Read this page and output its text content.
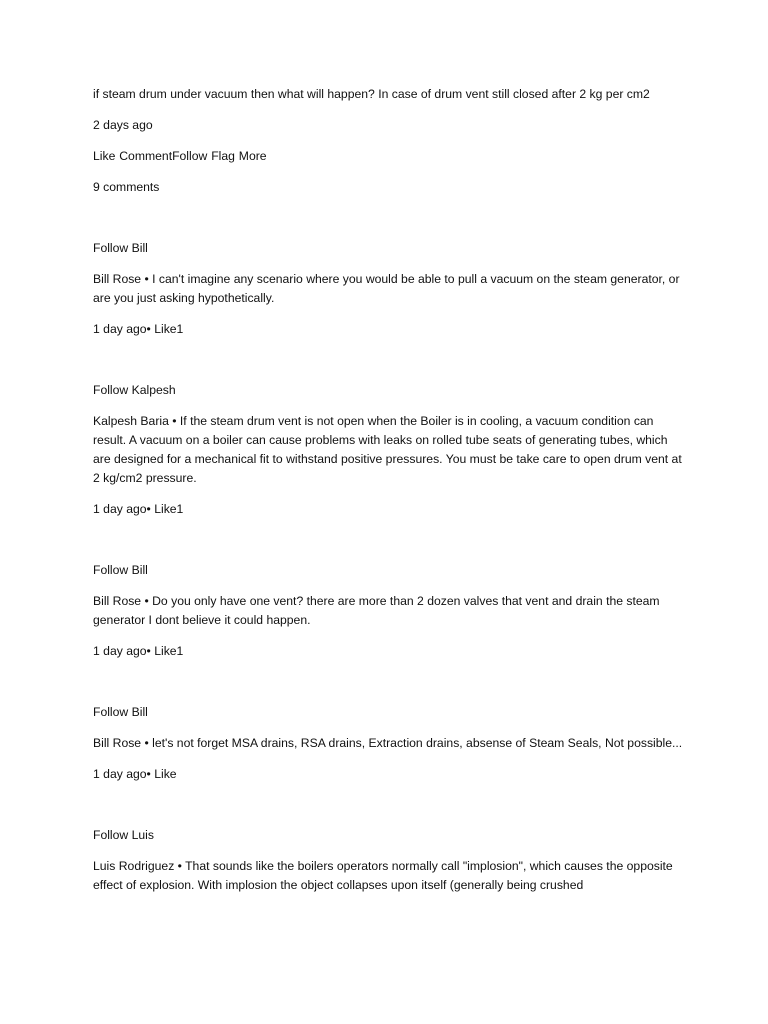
if steam drum under vacuum then what will happen? In case of drum vent still closed after 2 kg per cm2

2 days ago

Like CommentFollow Flag More

9 comments

Follow Bill

Bill Rose • I can't imagine any scenario where you would be able to pull a vacuum on the steam generator, or are you just asking hypothetically.

1 day ago• Like1

Follow Kalpesh

Kalpesh Baria • If the steam drum vent is not open when the Boiler is in cooling, a vacuum condition can result. A vacuum on a boiler can cause problems with leaks on rolled tube seats of generating tubes, which are designed for a mechanical fit to withstand positive pressures. You must be take care to open drum vent at 2 kg/cm2 pressure.

1 day ago• Like1

Follow Bill

Bill Rose • Do you only have one vent? there are more than 2 dozen valves that vent and drain the steam generator I dont believe it could happen.

1 day ago• Like1

Follow Bill

Bill Rose • let's not forget MSA drains, RSA drains, Extraction drains, absense of Steam Seals, Not possible...

1 day ago• Like

Follow Luis

Luis Rodriguez • That sounds like the boilers operators normally call "implosion", which causes the opposite effect of explosion. With implosion the object collapses upon itself (generally being crushed
